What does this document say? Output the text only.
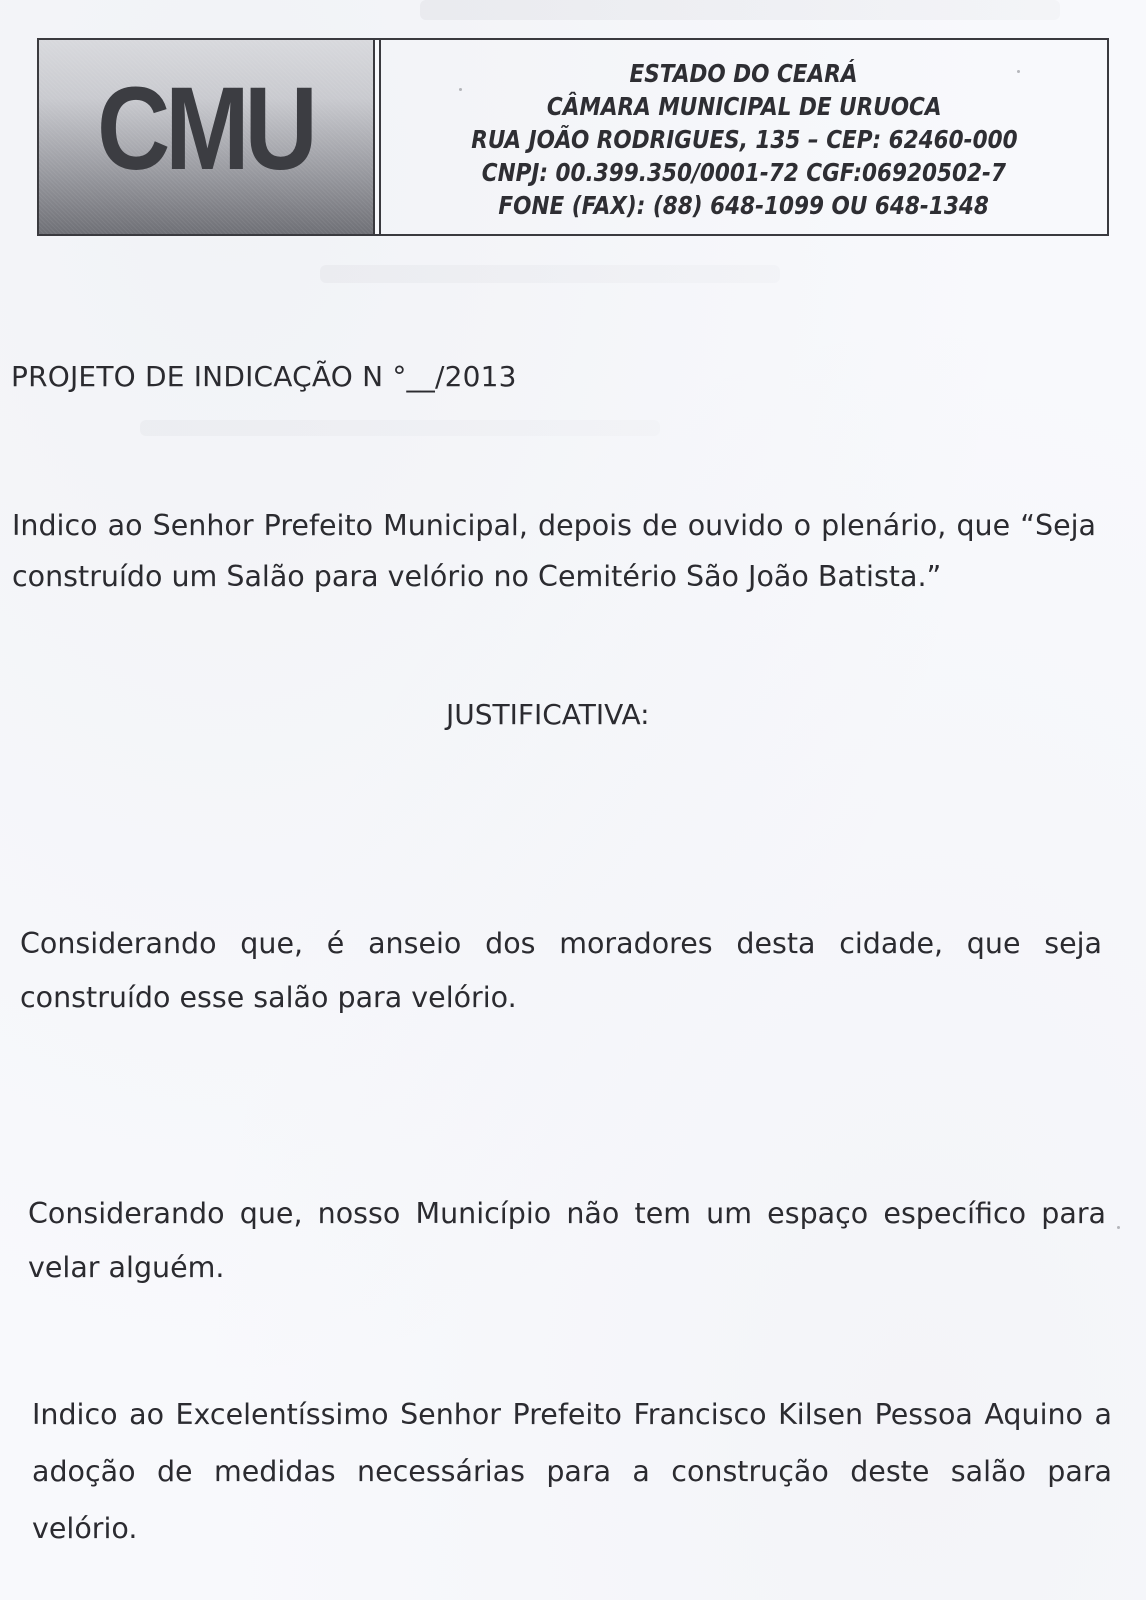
CMU	ESTADO DO CEARÁ
CÂMARA MUNICIPAL DE URUOCA
RUA JOÃO RODRIGUES, 135 – CEP: 62460-000
CNPJ: 00.399.350/0001-72 CGF:06920502-7
FONE (FAX): (88) 648-1099 OU 648-1348
PROJETO DE INDICAÇÃO N °__/2013
Indico ao Senhor Prefeito Municipal, depois de ouvido o plenário, que “Seja construído um Salão para velório no Cemitério São João Batista.”
JUSTIFICATIVA:
Considerando que, é anseio dos moradores desta cidade, que seja construído esse salão para velório.
Considerando que, nosso Município não tem um espaço específico para velar alguém.
Indico ao Excelentíssimo Senhor Prefeito Francisco Kilsen Pessoa Aquino a adoção de medidas necessárias para a construção deste salão para velório.
